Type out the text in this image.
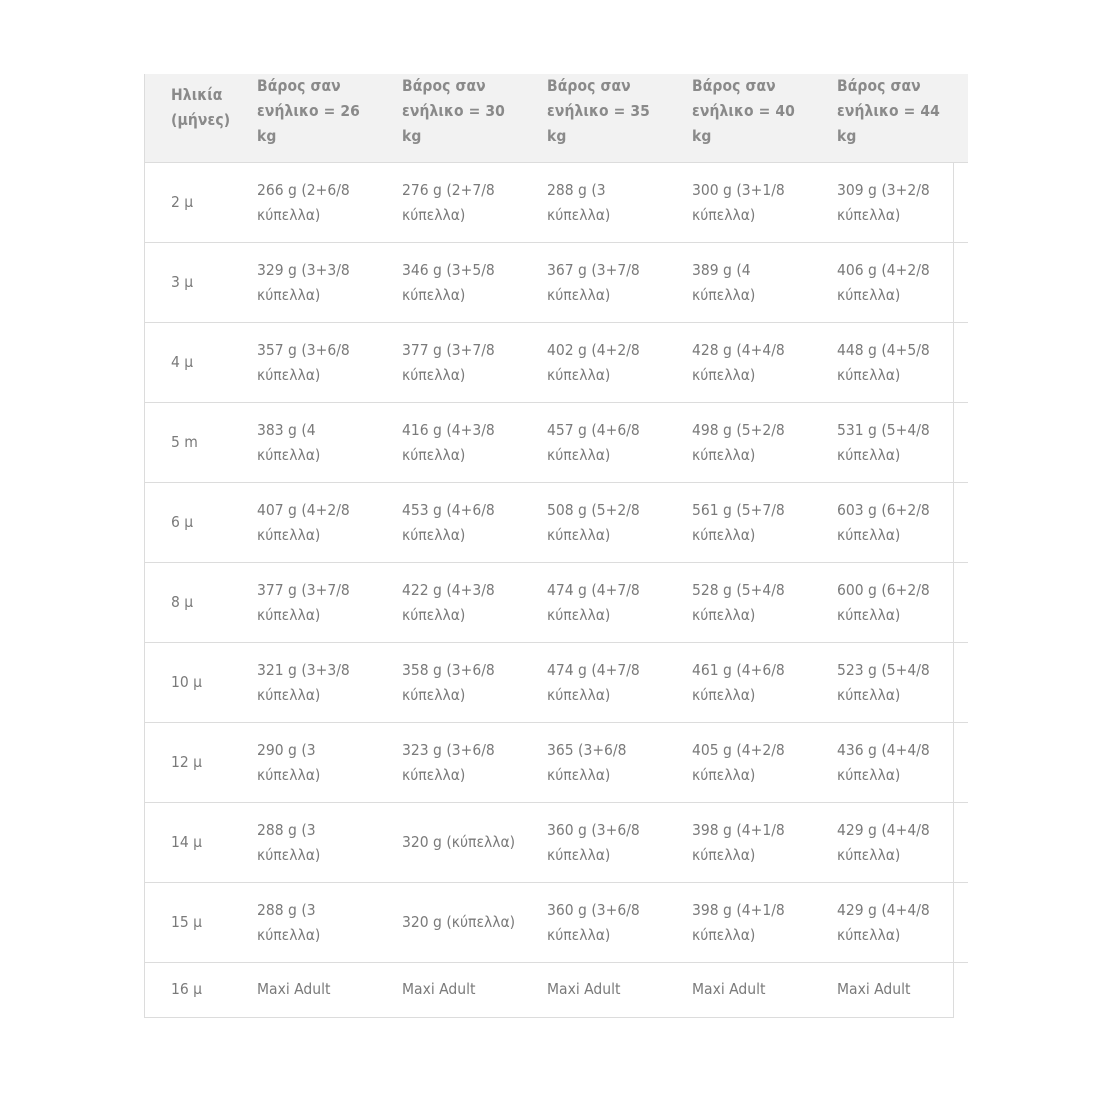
Ηλικία
(μήνες)	Βάρος σαν
ενήλικο = 26
kg	Βάρος σαν
ενήλικο = 30
kg	Βάρος σαν
ενήλικο = 35
kg	Βάρος σαν
ενήλικο = 40
kg	Βάρος σαν
ενήλικο = 44
kg

2 μ	266 g (2+6/8
κύπελλα)	276 g (2+7/8
κύπελλα)	288 g (3
κύπελλα)	300 g (3+1/8
κύπελλα)	309 g (3+2/8
κύπελλα)

3 μ	329 g (3+3/8
κύπελλα)	346 g (3+5/8
κύπελλα)	367 g (3+7/8
κύπελλα)	389 g (4
κύπελλα)	406 g (4+2/8
κύπελλα)

4 μ	357 g (3+6/8
κύπελλα)	377 g (3+7/8
κύπελλα)	402 g (4+2/8
κύπελλα)	428 g (4+4/8
κύπελλα)	448 g (4+5/8
κύπελλα)

5 m	383 g (4
κύπελλα)	416 g (4+3/8
κύπελλα)	457 g (4+6/8
κύπελλα)	498 g (5+2/8
κύπελλα)	531 g (5+4/8
κύπελλα)

6 μ	407 g (4+2/8
κύπελλα)	453 g (4+6/8
κύπελλα)	508 g (5+2/8
κύπελλα)	561 g (5+7/8
κύπελλα)	603 g (6+2/8
κύπελλα)

8 μ	377 g (3+7/8
κύπελλα)	422 g (4+3/8
κύπελλα)	474 g (4+7/8
κύπελλα)	528 g (5+4/8
κύπελλα)	600 g (6+2/8
κύπελλα)

10 μ	321 g (3+3/8
κύπελλα)	358 g (3+6/8
κύπελλα)	474 g (4+7/8
κύπελλα)	461 g (4+6/8
κύπελλα)	523 g (5+4/8
κύπελλα)

12 μ	290 g (3
κύπελλα)	323 g (3+6/8
κύπελλα)	365 (3+6/8
κύπελλα)	405 g (4+2/8
κύπελλα)	436 g (4+4/8
κύπελλα)

14 μ	288 g (3
κύπελλα)	320 g (κύπελλα)	360 g (3+6/8
κύπελλα)	398 g (4+1/8
κύπελλα)	429 g (4+4/8
κύπελλα)

15 μ	288 g (3
κύπελλα)	320 g (κύπελλα)	360 g (3+6/8
κύπελλα)	398 g (4+1/8
κύπελλα)	429 g (4+4/8
κύπελλα)

16 μ	Maxi Adult	Maxi Adult	Maxi Adult	Maxi Adult	Maxi Adult
